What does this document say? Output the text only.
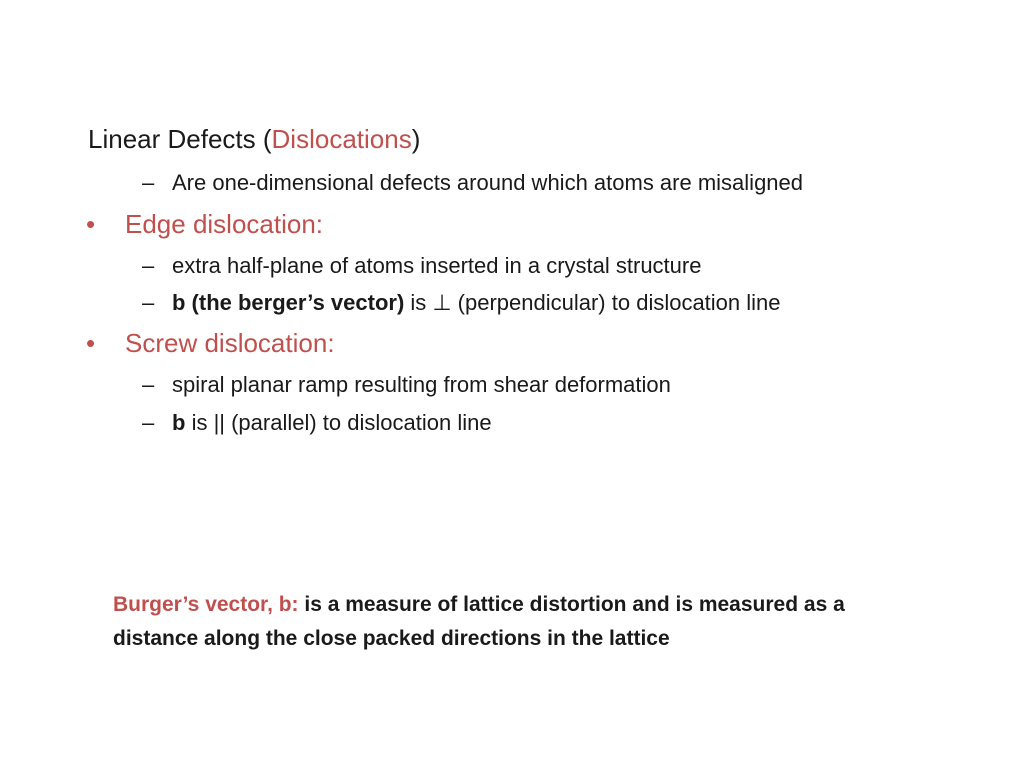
Linear Defects (Dislocations)
– Are one-dimensional defects around which atoms are misaligned
• Edge dislocation:
– extra half-plane of atoms inserted in a crystal structure
– b (the berger’s vector) is ⊥ (perpendicular) to dislocation line
• Screw dislocation:
– spiral planar ramp resulting from shear deformation
– b is || (parallel) to dislocation line
Burger’s vector, b: is a measure of lattice distortion and is measured as a distance along the close packed directions in the lattice
